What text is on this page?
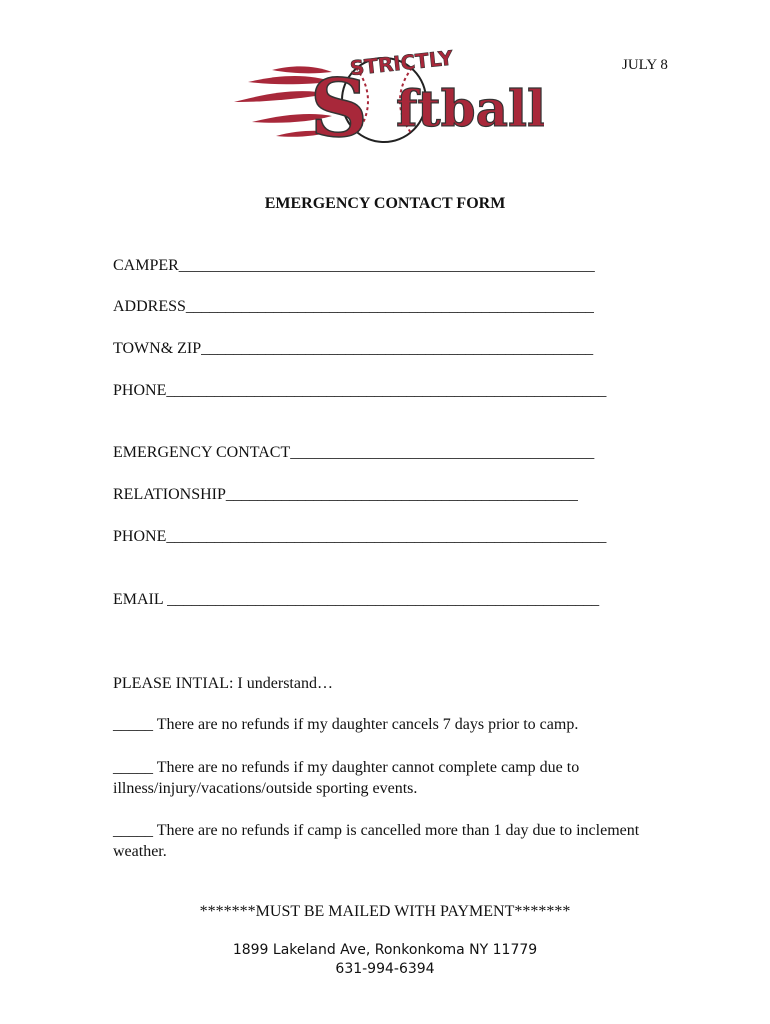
JULY 8
S ftball
STRICTLY
EMERGENCY CONTACT FORM
CAMPER____________________________________________________
ADDRESS___________________________________________________
TOWN& ZIP_________________________________________________
PHONE_______________________________________________________
EMERGENCY CONTACT______________________________________
RELATIONSHIP____________________________________________
PHONE_______________________________________________________
EMAIL ______________________________________________________
PLEASE INTIAL: I understand…
_____ There are no refunds if my daughter cancels 7 days prior to camp.
_____ There are no refunds if my daughter cannot complete camp due to illness/injury/vacations/outside sporting events.
_____ There are no refunds if camp is cancelled more than 1 day due to inclement weather.
*******MUST BE MAILED WITH PAYMENT*******
1899 Lakeland Ave, Ronkonkoma NY 11779
631-994-6394
